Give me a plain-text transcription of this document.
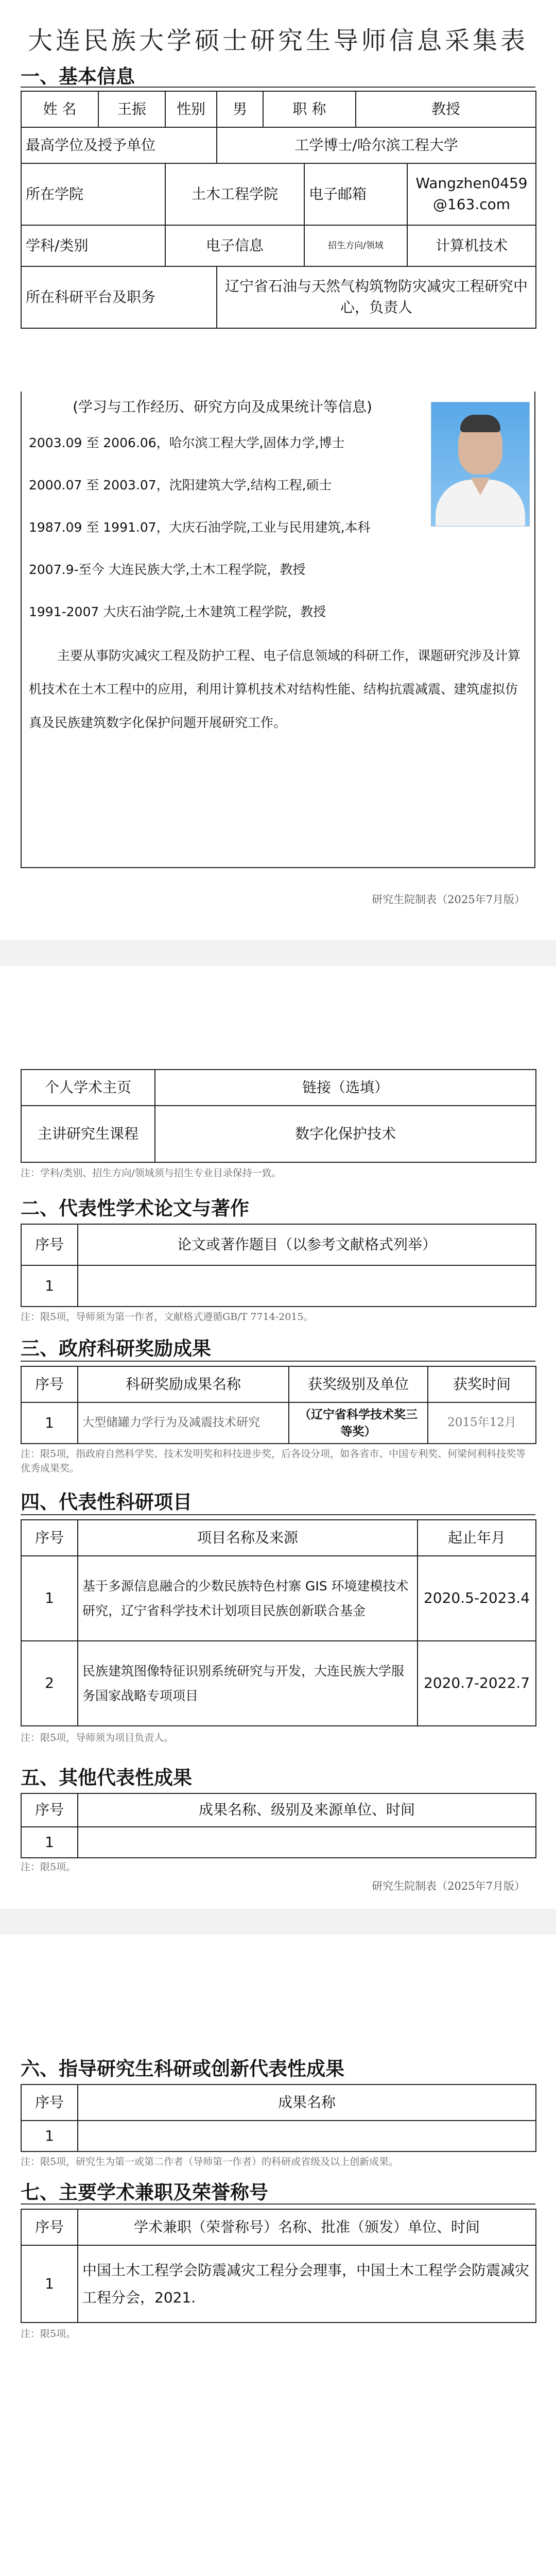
大连民族大学硕士研究生导师信息采集表
一、基本信息
姓 名	王振	性别	男	职 称		教授	
最高学位及授予单位			工学博士/哈尔滨工程大学				
所在学院		土木工程学院			电子邮箱		Wangzhen0459@163.com
学科/类别		电子信息			招生方向/领域		计算机技术
所在科研平台及职务			辽宁省石油与天然气构筑物防灾减灾工程研究中心，负责人				
(学习与工作经历、研究方向及成果统计等信息)
2003.09 至 2006.06，哈尔滨工程大学,固体力学,博士
2000.07 至 2003.07，沈阳建筑大学,结构工程,硕士
1987.09 至 1991.07，大庆石油学院,工业与民用建筑,本科
2007.9-至今 大连民族大学,土木工程学院，教授
1991-2007 大庆石油学院,土木建筑工程学院，教授
主要从事防灾减灾工程及防护工程、电子信息领域的科研工作，课题研究涉及计算机技术在土木工程中的应用，利用计算机技术对结构性能、结构抗震减震、建筑虚拟仿真及民族建筑数字化保护问题开展研究工作。
研究生院制表（2025年7月版）
个人学术主页	链接（选填）
主讲研究生课程	数字化保护技术
注：学科/类别、招生方向/领域须与招生专业目录保持一致。
二、代表性学术论文与著作
序号	论文或著作题目（以参考文献格式列举）
1	
注：限5项，导师须为第一作者，文献格式遵循GB/T 7714-2015。
三、政府科研奖励成果
序号	科研奖励成果名称	获奖级别及单位	获奖时间
1	大型储罐力学行为及减震技术研究	（辽宁省科学技术奖三等奖）	2015年12月
注：限5项，指政府自然科学奖、技术发明奖和科技进步奖，后各设分项，如各省市、中国专利奖、何梁何利科技奖等优秀成果奖。
四、代表性科研项目
序号	项目名称及来源	起止年月
1	基于多源信息融合的少数民族特色村寨 GIS 环境建模技术研究，辽宁省科学技术计划项目民族创新联合基金	2020.5-2023.4
2	民族建筑图像特征识别系统研究与开发，大连民族大学服务国家战略专项项目	2020.7-2022.7
注：限5项，导师须为项目负责人。
五、其他代表性成果
序号	成果名称、级别及来源单位、时间
1	
注：限5项。
研究生院制表（2025年7月版）
六、指导研究生科研或创新代表性成果
序号	成果名称
1	
注：限5项，研究生为第一或第二作者（导师第一作者）的科研或省级及以上创新成果。
七、主要学术兼职及荣誉称号
序号	学术兼职（荣誉称号）名称、批准（颁发）单位、时间
1	中国土木工程学会防震减灾工程分会理事，中国土木工程学会防震减灾工程分会，2021.
注：限5项。
